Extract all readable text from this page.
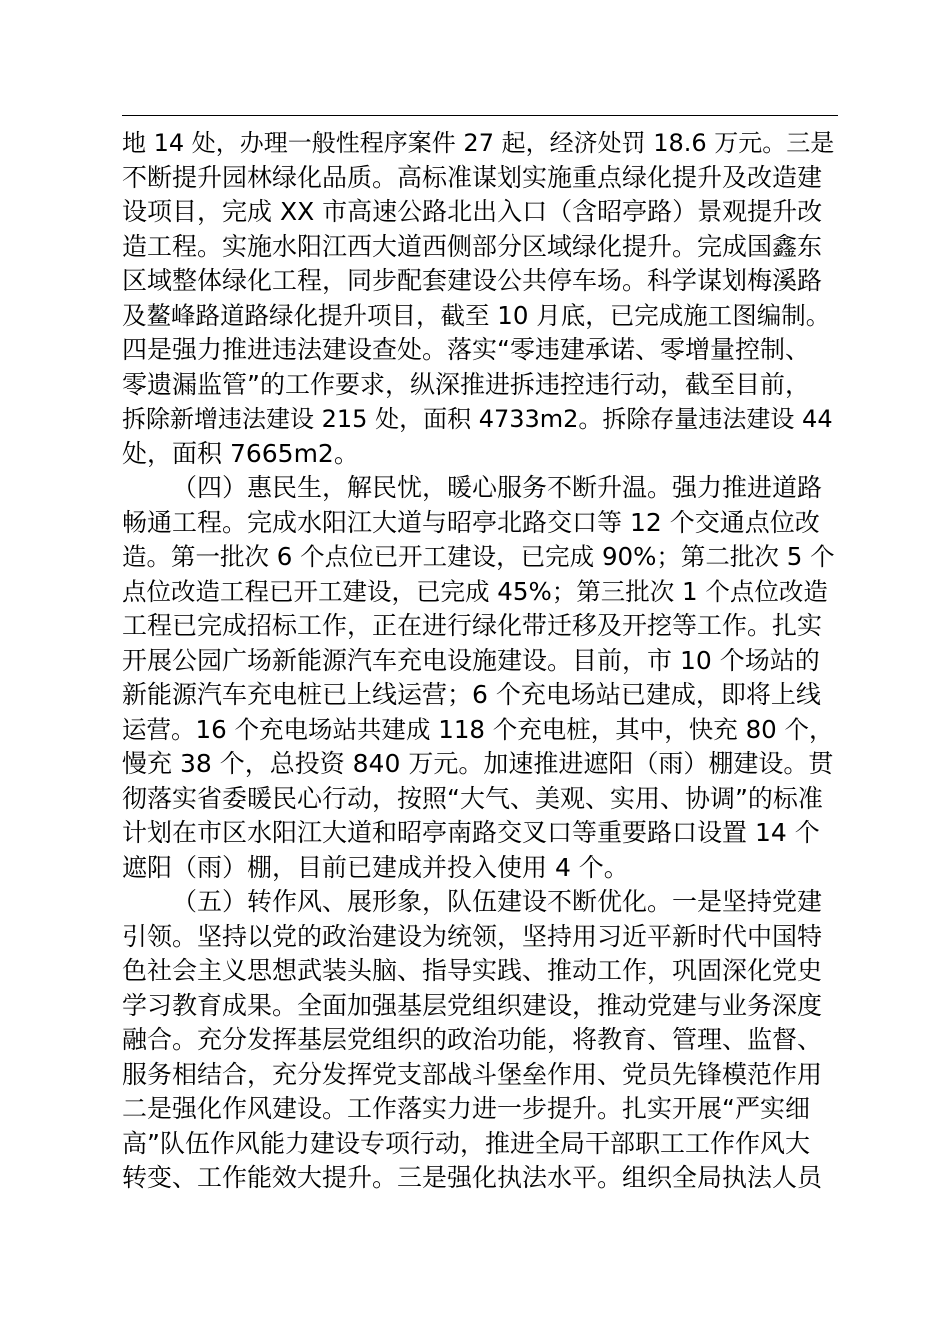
地 14 处，办理一般性程序案件 27 起，经济处罚 18.6 万元。三是
不断提升园林绿化品质。高标准谋划实施重点绿化提升及改造建
设项目，完成 XX 市高速公路北出入口（含昭亭路）景观提升改
造工程。实施水阳江西大道西侧部分区域绿化提升。完成国鑫东
区域整体绿化工程，同步配套建设公共停车场。科学谋划梅溪路
及鳌峰路道路绿化提升项目，截至 10 月底，已完成施工图编制。
四是强力推进违法建设查处。落实“零违建承诺、零增量控制、
零遗漏监管”的工作要求，纵深推进拆违控违行动，截至目前，
拆除新增违法建设 215 处，面积 4733m2。拆除存量违法建设 44
处，面积 7665m2。
（四）惠民生，解民忧，暖心服务不断升温。强力推进道路
畅通工程。完成水阳江大道与昭亭北路交口等 12 个交通点位改
造。第一批次 6 个点位已开工建设，已完成 90%；第二批次 5 个
点位改造工程已开工建设，已完成 45%；第三批次 1 个点位改造
工程已完成招标工作，正在进行绿化带迁移及开挖等工作。扎实
开展公园广场新能源汽车充电设施建设。目前，市 10 个场站的
新能源汽车充电桩已上线运营；6 个充电场站已建成，即将上线
运营。16 个充电场站共建成 118 个充电桩，其中，快充 80 个，
慢充 38 个，总投资 840 万元。加速推进遮阳（雨）棚建设。贯
彻落实省委暖民心行动，按照“大气、美观、实用、协调”的标准
计划在市区水阳江大道和昭亭南路交叉口等重要路口设置 14 个
遮阳（雨）棚，目前已建成并投入使用 4 个。
（五）转作风、展形象，队伍建设不断优化。一是坚持党建
引领。坚持以党的政治建设为统领，坚持用习近平新时代中国特
色社会主义思想武装头脑、指导实践、推动工作，巩固深化党史
学习教育成果。全面加强基层党组织建设，推动党建与业务深度
融合。充分发挥基层党组织的政治功能，将教育、管理、监督、
服务相结合，充分发挥党支部战斗堡垒作用、党员先锋模范作用
二是强化作风建设。工作落实力进一步提升。扎实开展“严实细
高”队伍作风能力建设专项行动，推进全局干部职工工作作风大
转变、工作能效大提升。三是强化执法水平。组织全局执法人员
